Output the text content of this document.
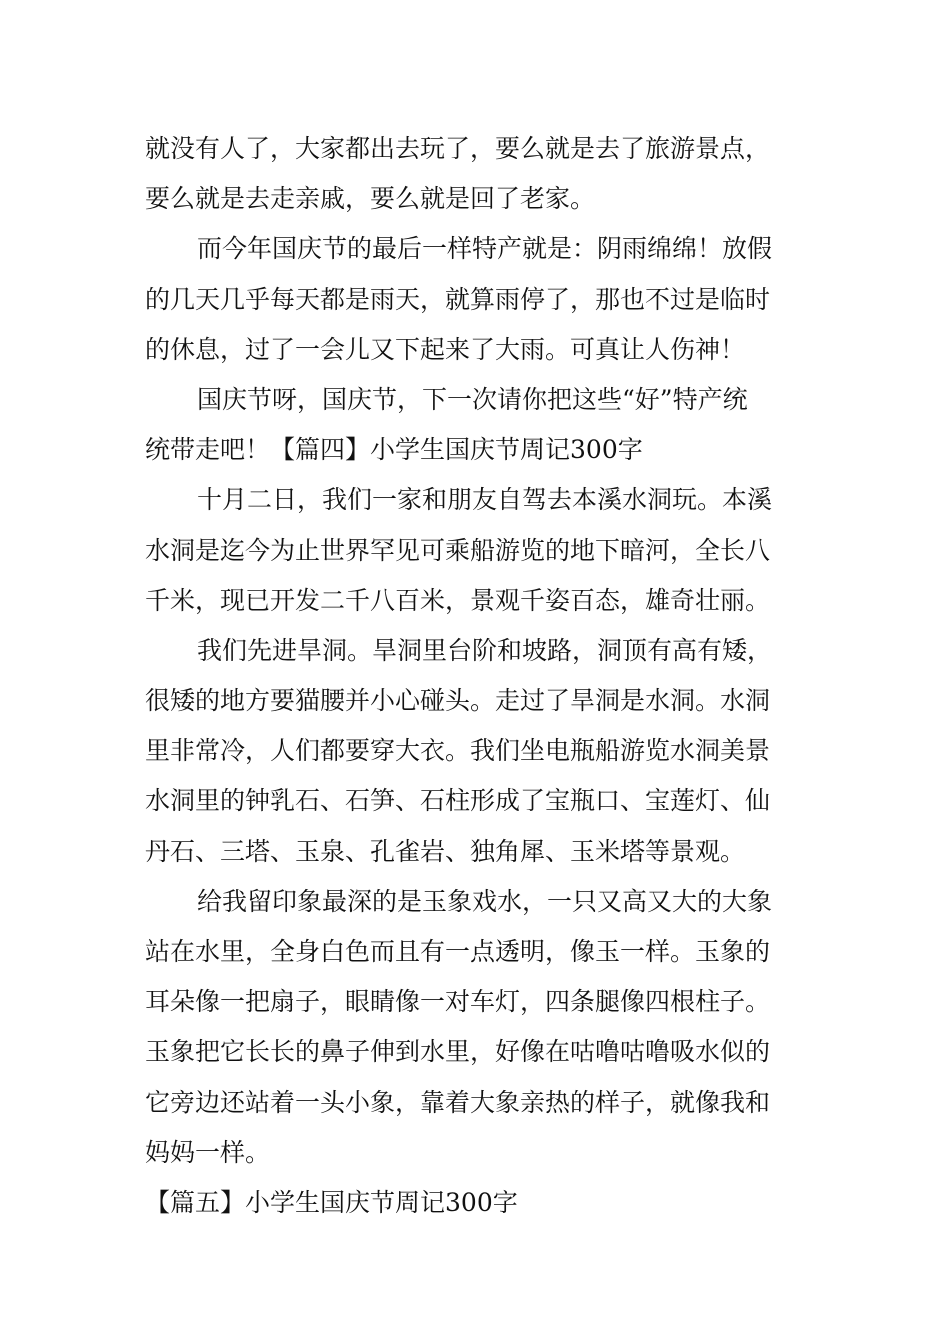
就没有人了，大家都出去玩了，要么就是去了旅游景点，
要么就是去走亲戚，要么就是回了老家。
而今年国庆节的最后一样特产就是：阴雨绵绵！放假
的几天几乎每天都是雨天，就算雨停了，那也不过是临时
的休息，过了一会儿又下起来了大雨。可真让人伤神！
国庆节呀，国庆节，下一次请你把这些“好”特产统
统带走吧！【篇四】小学生国庆节周记300字
十月二日，我们一家和朋友自驾去本溪水洞玩。本溪
水洞是迄今为止世界罕见可乘船游览的地下暗河，全长八
千米，现已开发二千八百米，景观千姿百态，雄奇壮丽。
我们先进旱洞。旱洞里台阶和坡路，洞顶有高有矮，
很矮的地方要猫腰并小心碰头。走过了旱洞是水洞。水洞
里非常冷，人们都要穿大衣。我们坐电瓶船游览水洞美景
水洞里的钟乳石、石笋、石柱形成了宝瓶口、宝莲灯、仙
丹石、三塔、玉泉、孔雀岩、独角犀、玉米塔等景观。
给我留印象最深的是玉象戏水，一只又高又大的大象
站在水里，全身白色而且有一点透明，像玉一样。玉象的
耳朵像一把扇子，眼睛像一对车灯，四条腿像四根柱子。
玉象把它长长的鼻子伸到水里，好像在咕噜咕噜吸水似的
它旁边还站着一头小象，靠着大象亲热的样子，就像我和
妈妈一样。
【篇五】小学生国庆节周记300字
